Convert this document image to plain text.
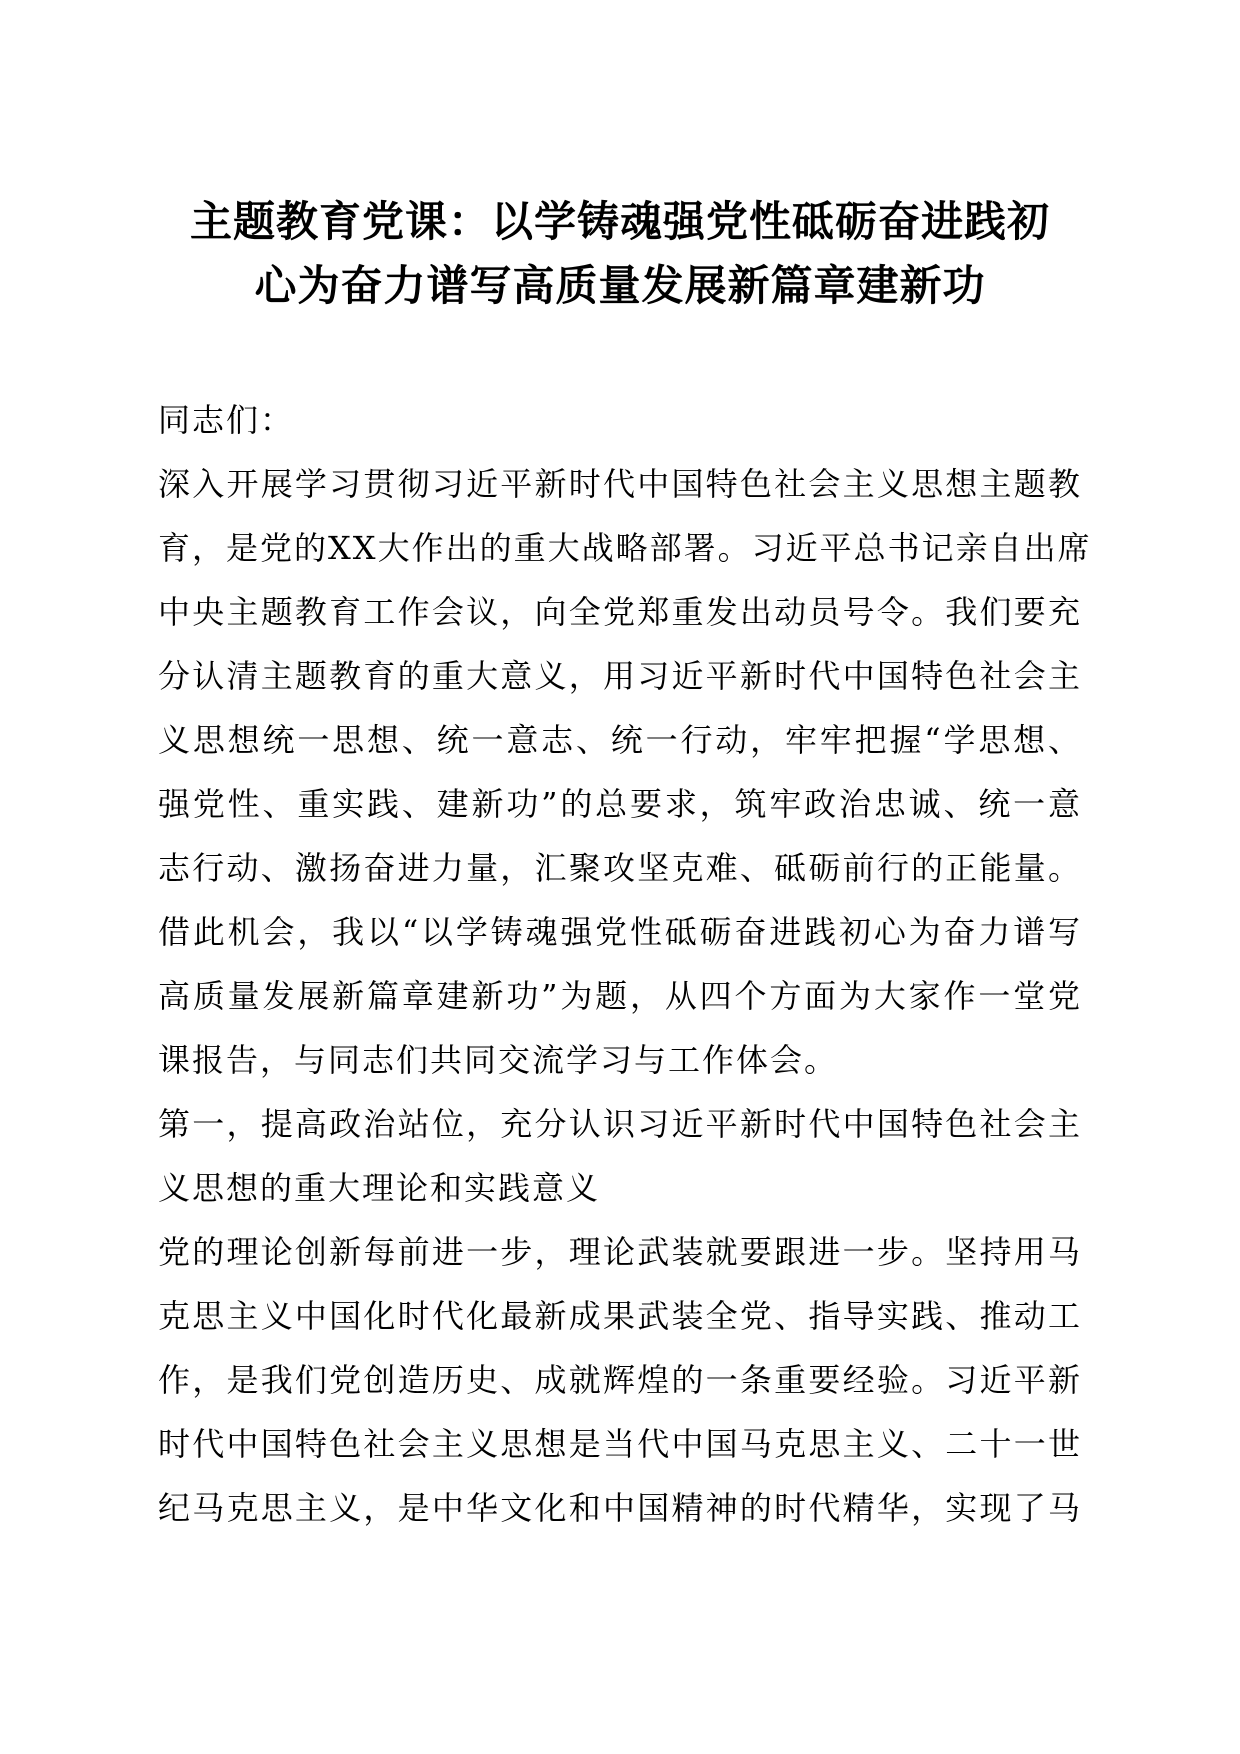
主题教育党课：以学铸魂强党性砥砺奋进践初
心为奋力谱写高质量发展新篇章建新功
同志们：
深入开展学习贯彻习近平新时代中国特色社会主义思想主题教
育，是党的XX大作出的重大战略部署。习近平总书记亲自出席
中央主题教育工作会议，向全党郑重发出动员号令。我们要充
分认清主题教育的重大意义，用习近平新时代中国特色社会主
义思想统一思想、统一意志、统一行动，牢牢把握“学思想、
强党性、重实践、建新功”的总要求，筑牢政治忠诚、统一意
志行动、激扬奋进力量，汇聚攻坚克难、砥砺前行的正能量。
借此机会，我以“以学铸魂强党性砥砺奋进践初心为奋力谱写
高质量发展新篇章建新功”为题，从四个方面为大家作一堂党
课报告，与同志们共同交流学习与工作体会。
第一，提高政治站位，充分认识习近平新时代中国特色社会主
义思想的重大理论和实践意义
党的理论创新每前进一步，理论武装就要跟进一步。坚持用马
克思主义中国化时代化最新成果武装全党、指导实践、推动工
作，是我们党创造历史、成就辉煌的一条重要经验。习近平新
时代中国特色社会主义思想是当代中国马克思主义、二十一世
纪马克思主义，是中华文化和中国精神的时代精华，实现了马
